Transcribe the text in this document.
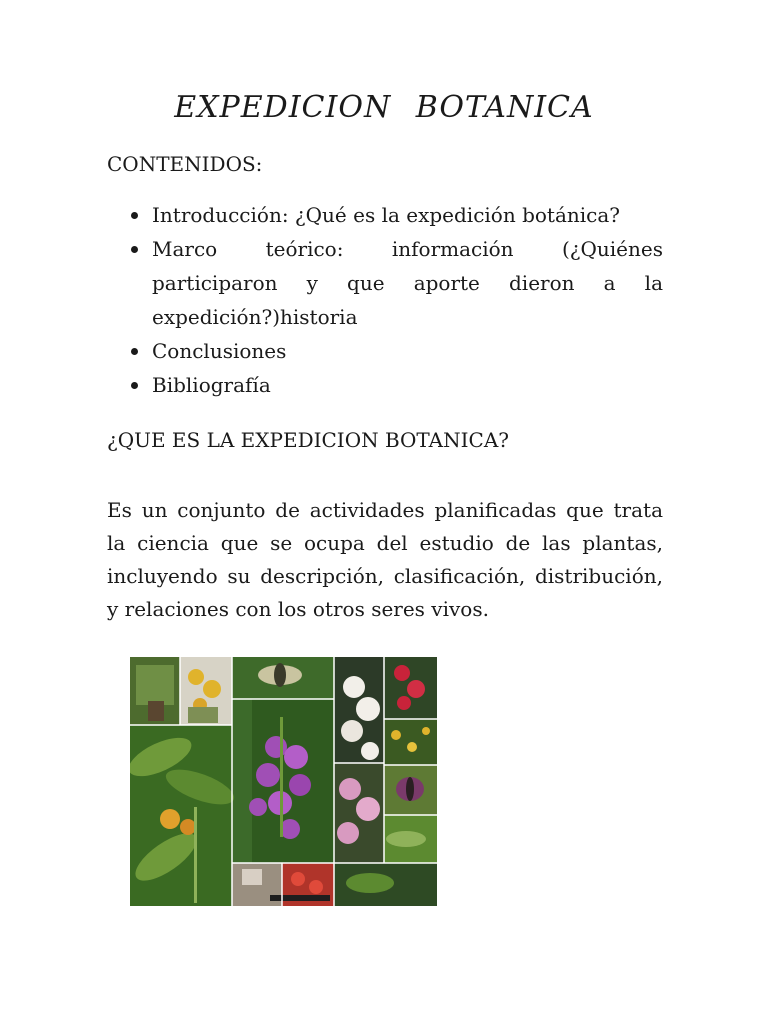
EXPEDICION BOTANICA

CONTENIDOS:

Introducción: ¿Qué es la expedición botánica?
Marco teórico: información (¿Quiénes participaron y que aporte dieron a la expedición?)historia
Conclusiones
Bibliografía

¿QUE ES LA EXPEDICION BOTANICA?

Es un conjunto de actividades planificadas que trata la ciencia que se ocupa del estudio de las plantas, incluyendo su descripción, clasificación, distribución, y relaciones con los otros seres vivos.
